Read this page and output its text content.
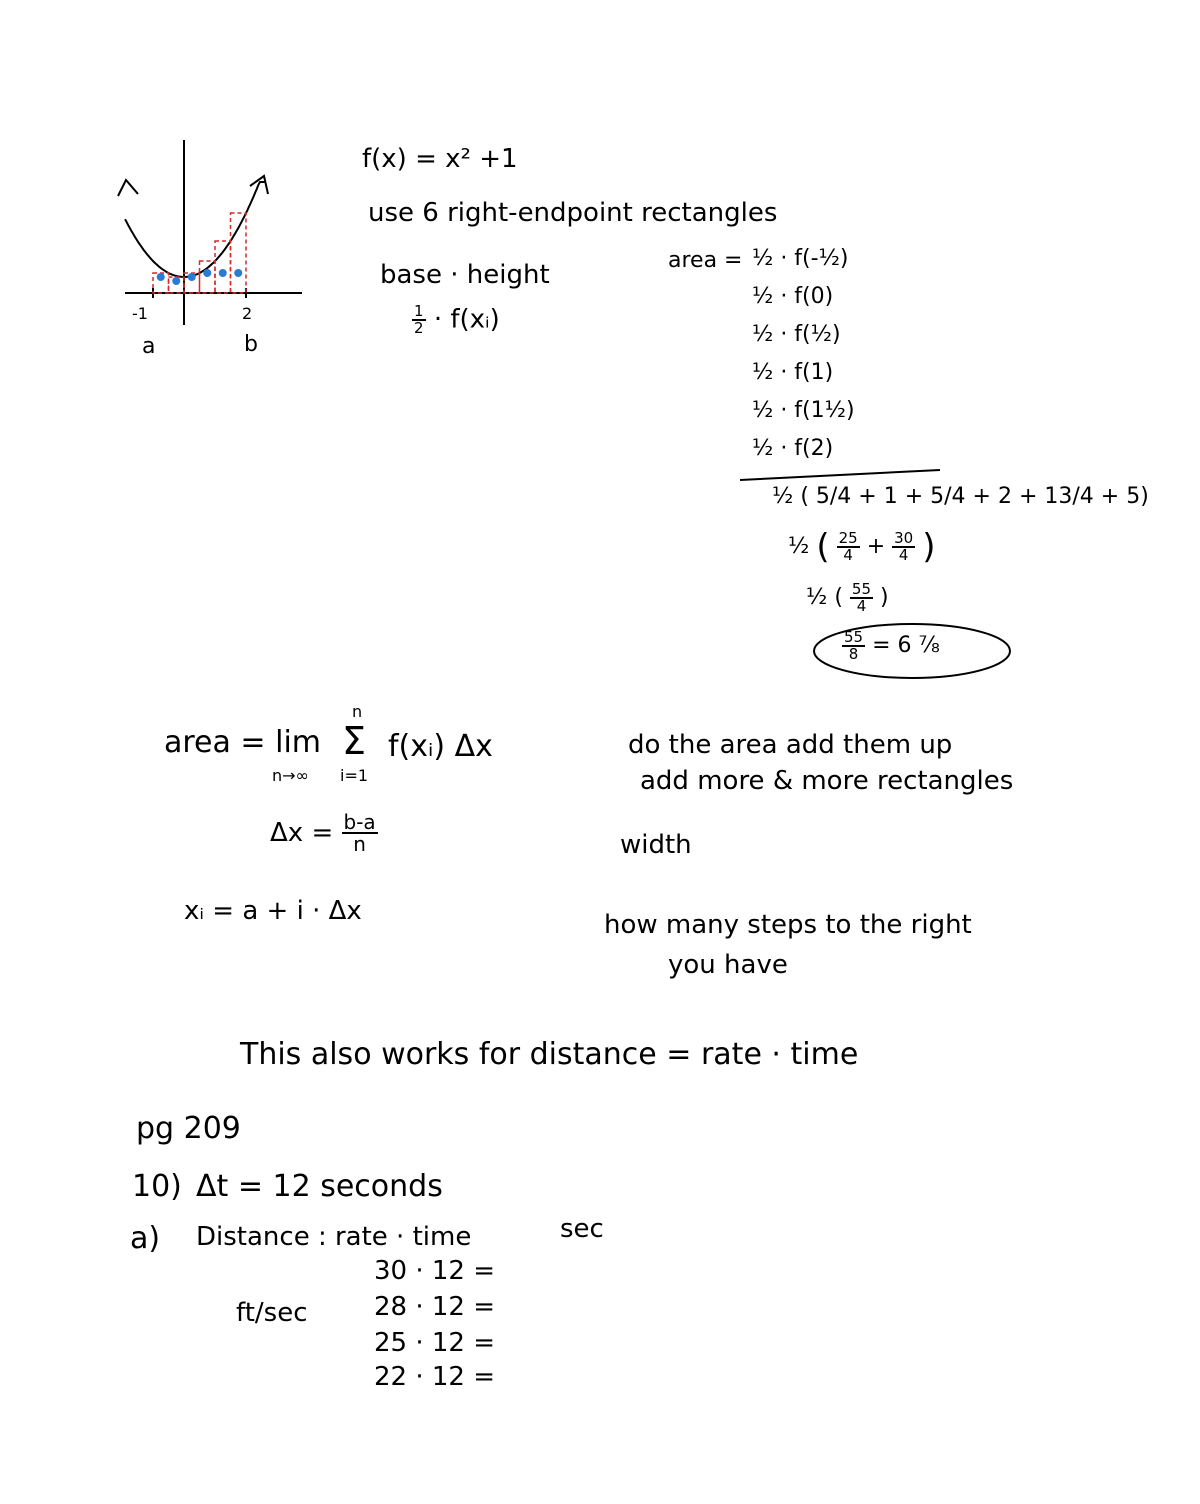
-1	2
a	b
f(x) = x² +1
use 6 right-endpoint rectangles
base · height
$\frac{1}{2}$ · f(xᵢ)
area = ½ · f(-½)
½ · f(0)
½ · f(½)
½ · f(1)
½ · f(1½)
½ · f(2)
½ ( 5/4 + 1 + 5/4 + 2 + 13/4 + 5)
½ ( $\frac{25}{4} + \frac{30}{4}$ )
½ ( $\frac{55}{4}$ )
$\frac{55}{8} = 6$ ⅞
area = lim
n
Σ
i=1
n→∞
f(xᵢ) Δx
$\Delta x = \frac{b-a}{n}$
xᵢ = a + i · Δx
do the area add them up
add more & more rectangles
width
how many steps to the right
you have
This also works for distance = rate · time
pg 209
10) Δt = 12 seconds
a) Distance : rate · time	sec
ft/sec
30 · 12 =
28 · 12 =
25 · 12 =
22 · 12 =
